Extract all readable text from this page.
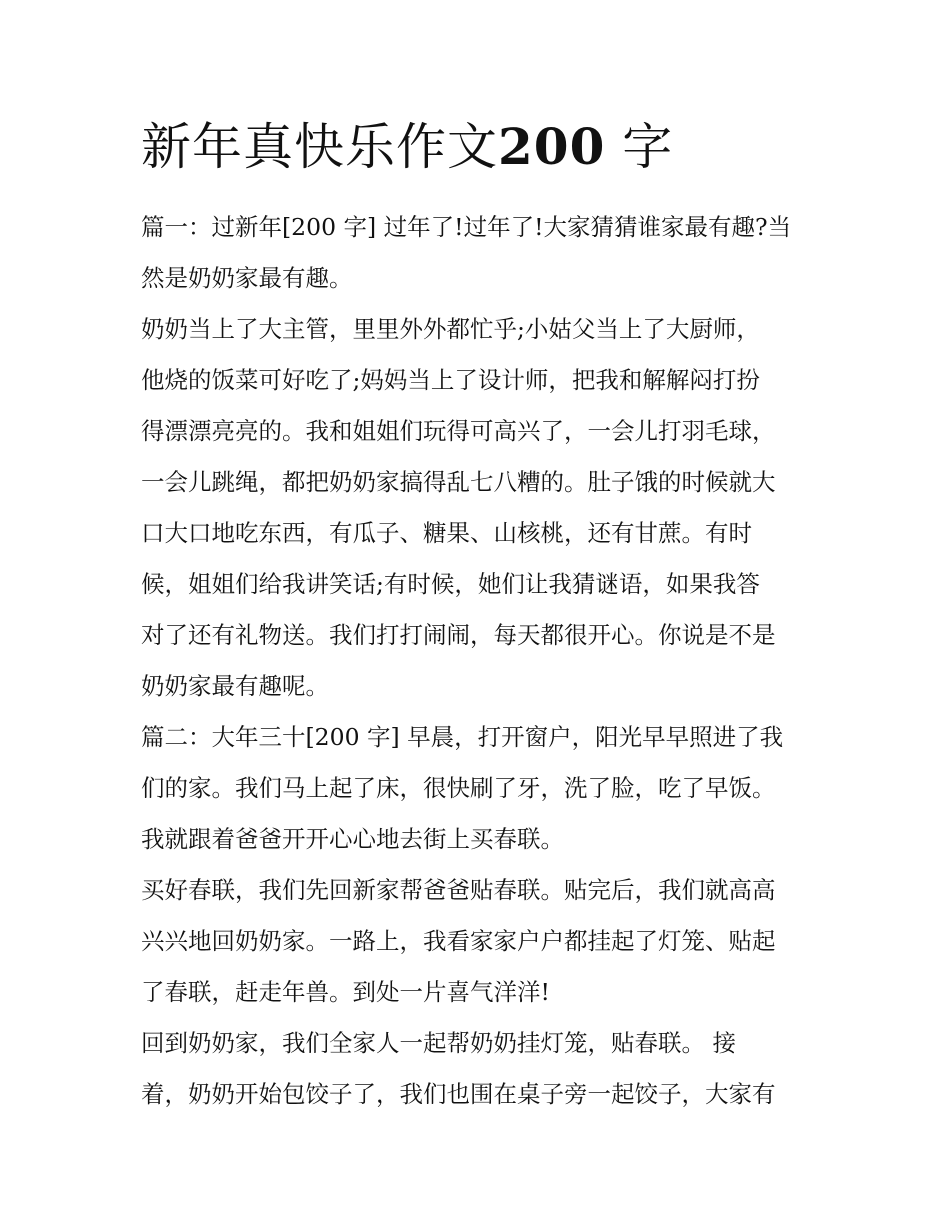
新年真快乐作文200 字

篇一：过新年[200 字] 过年了!过年了!大家猜猜谁家最有趣?当

然是奶奶家最有趣。

奶奶当上了大主管，里里外外都忙乎;小姑父当上了大厨师，

他烧的饭菜可好吃了;妈妈当上了设计师，把我和解解闷打扮

得漂漂亮亮的。我和姐姐们玩得可高兴了，一会儿打羽毛球，

一会儿跳绳，都把奶奶家搞得乱七八糟的。肚子饿的时候就大

口大口地吃东西，有瓜子、糖果、山核桃，还有甘蔗。有时

候，姐姐们给我讲笑话;有时候，她们让我猜谜语，如果我答

对了还有礼物送。我们打打闹闹，每天都很开心。你说是不是

奶奶家最有趣呢。

篇二：大年三十[200 字] 早晨，打开窗户，阳光早早照进了我

们的家。我们马上起了床，很快刷了牙，洗了脸，吃了早饭。

我就跟着爸爸开开心心地去街上买春联。

买好春联，我们先回新家帮爸爸贴春联。贴完后，我们就高高

兴兴地回奶奶家。一路上，我看家家户户都挂起了灯笼、贴起

了春联，赶走年兽。到处一片喜气洋洋!

回到奶奶家，我们全家人一起帮奶奶挂灯笼，贴春联。 接

着，奶奶开始包饺子了，我们也围在桌子旁一起饺子，大家有
